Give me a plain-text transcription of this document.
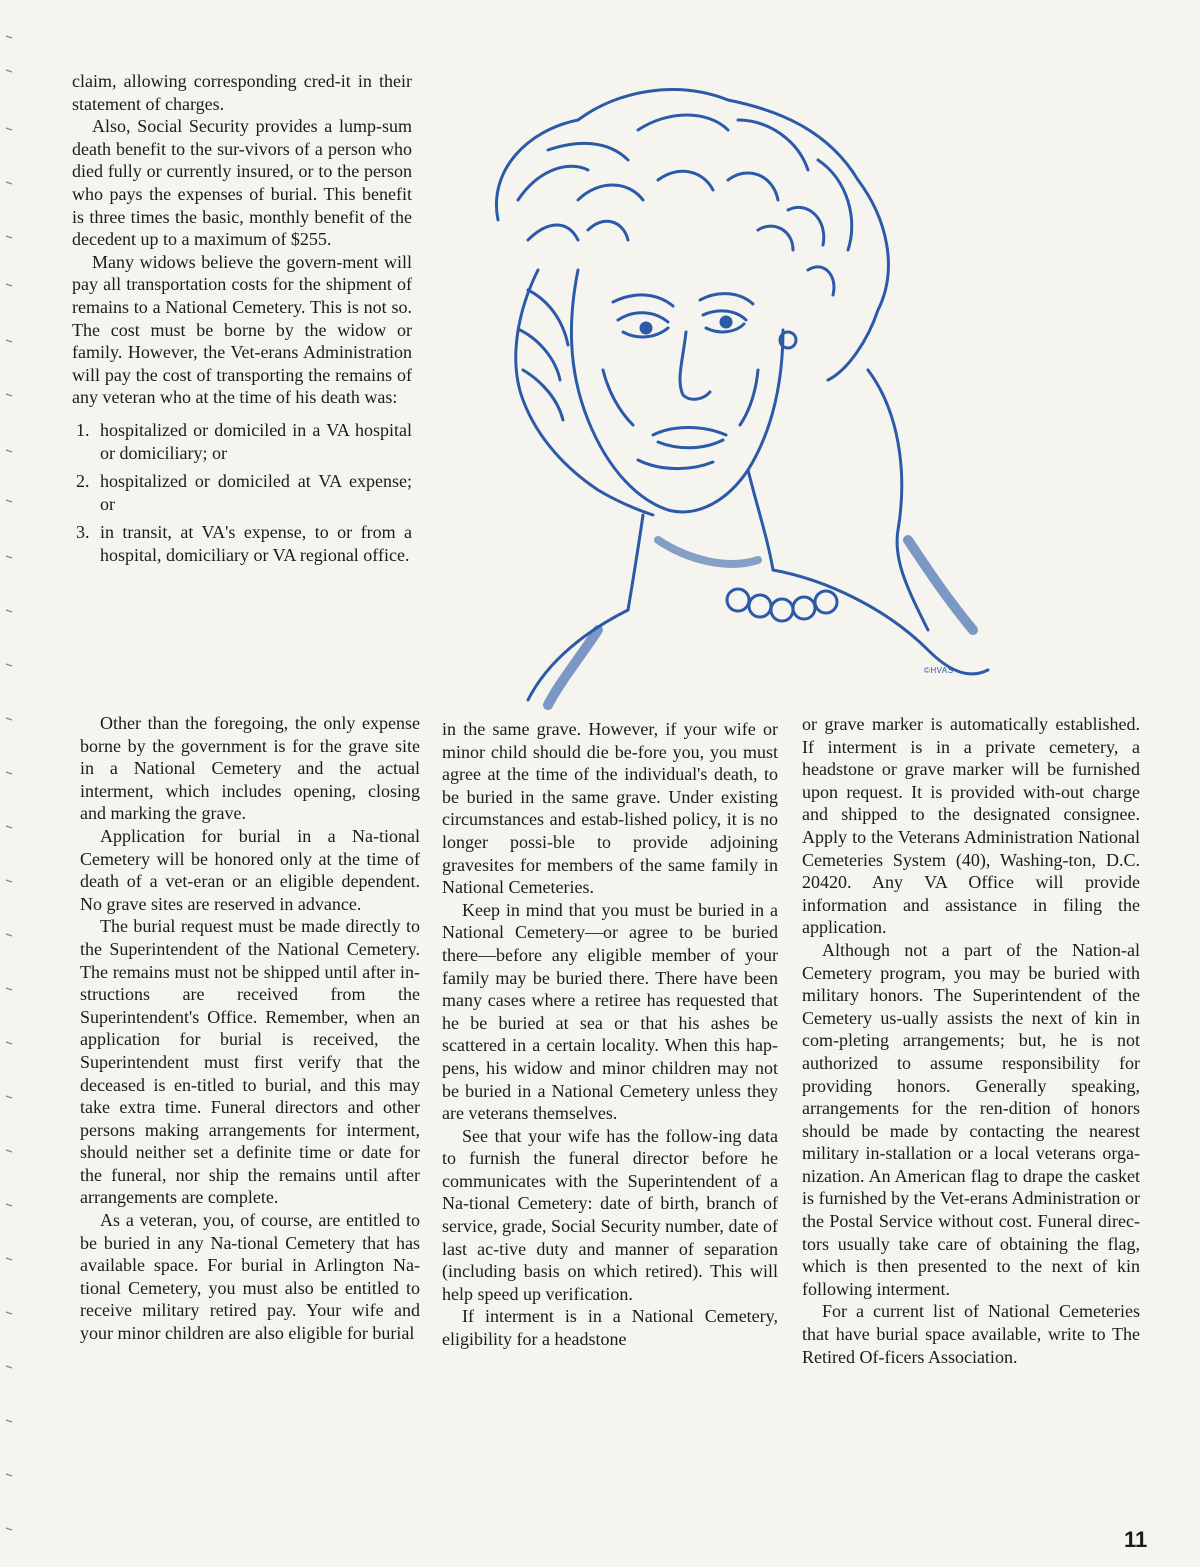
claim, allowing corresponding cred-it in their statement of charges.

Also, Social Security provides a lump-sum death benefit to the sur-vivors of a person who died fully or currently insured, or to the person who pays the expenses of burial. This benefit is three times the basic, monthly benefit of the decedent up to a maximum of $255.

Many widows believe the govern-ment will pay all transportation costs for the shipment of remains to a National Cemetery. This is not so. The cost must be borne by the widow or family. However, the Vet-erans Administration will pay the cost of transporting the remains of any veteran who at the time of his death was:

1. hospitalized or domiciled in a VA hospital or domiciliary; or
2. hospitalized or domiciled at VA expense; or
3. in transit, at VA's expense, to or from a hospital, domiciliary or VA regional office.
©HVAS

Other than the foregoing, the only expense borne by the government is for the grave site in a National Cemetery and the actual interment, which includes opening, closing and marking the grave.

Application for burial in a Na-tional Cemetery will be honored only at the time of death of a vet-eran or an eligible dependent. No grave sites are reserved in advance.

The burial request must be made directly to the Superintendent of the National Cemetery. The remains must not be shipped until after in-structions are received from the Superintendent's Office. Remember, when an application for burial is received, the Superintendent must first verify that the deceased is en-titled to burial, and this may take extra time. Funeral directors and other persons making arrangements for interment, should neither set a definite time or date for the funeral, nor ship the remains until after arrangements are complete.

As a veteran, you, of course, are entitled to be buried in any Na-tional Cemetery that has available space. For burial in Arlington Na-tional Cemetery, you must also be entitled to receive military retired pay. Your wife and your minor children are also eligible for burial

in the same grave. However, if your wife or minor child should die be-fore you, you must agree at the time of the individual's death, to be buried in the same grave. Under existing circumstances and estab-lished policy, it is no longer possi-ble to provide adjoining gravesites for members of the same family in National Cemeteries.

Keep in mind that you must be buried in a National Cemetery—or agree to be buried there—before any eligible member of your family may be buried there. There have been many cases where a retiree has requested that he be buried at sea or that his ashes be scattered in a certain locality. When this hap-pens, his widow and minor children may not be buried in a National Cemetery unless they are veterans themselves.

See that your wife has the follow-ing data to furnish the funeral director before he communicates with the Superintendent of a Na-tional Cemetery: date of birth, branch of service, grade, Social Security number, date of last ac-tive duty and manner of separation (including basis on which retired). This will help speed up verification.

If interment is in a National Cemetery, eligibility for a headstone

or grave marker is automatically established. If interment is in a private cemetery, a headstone or grave marker will be furnished upon request. It is provided with-out charge and shipped to the designated consignee. Apply to the Veterans Administration National Cemeteries System (40), Washing-ton, D.C. 20420. Any VA Office will provide information and assistance in filing the application.

Although not a part of the Nation-al Cemetery program, you may be buried with military honors. The Superintendent of the Cemetery us-ually assists the next of kin in com-pleting arrangements; but, he is not authorized to assume responsibility for providing honors. Generally speaking, arrangements for the ren-dition of honors should be made by contacting the nearest military in-stallation or a local veterans orga-nization. An American flag to drape the casket is furnished by the Vet-erans Administration or the Postal Service without cost. Funeral direc-tors usually take care of obtaining the flag, which is then presented to the next of kin following interment.

For a current list of National Cemeteries that have burial space available, write to The Retired Of-ficers Association.

11
